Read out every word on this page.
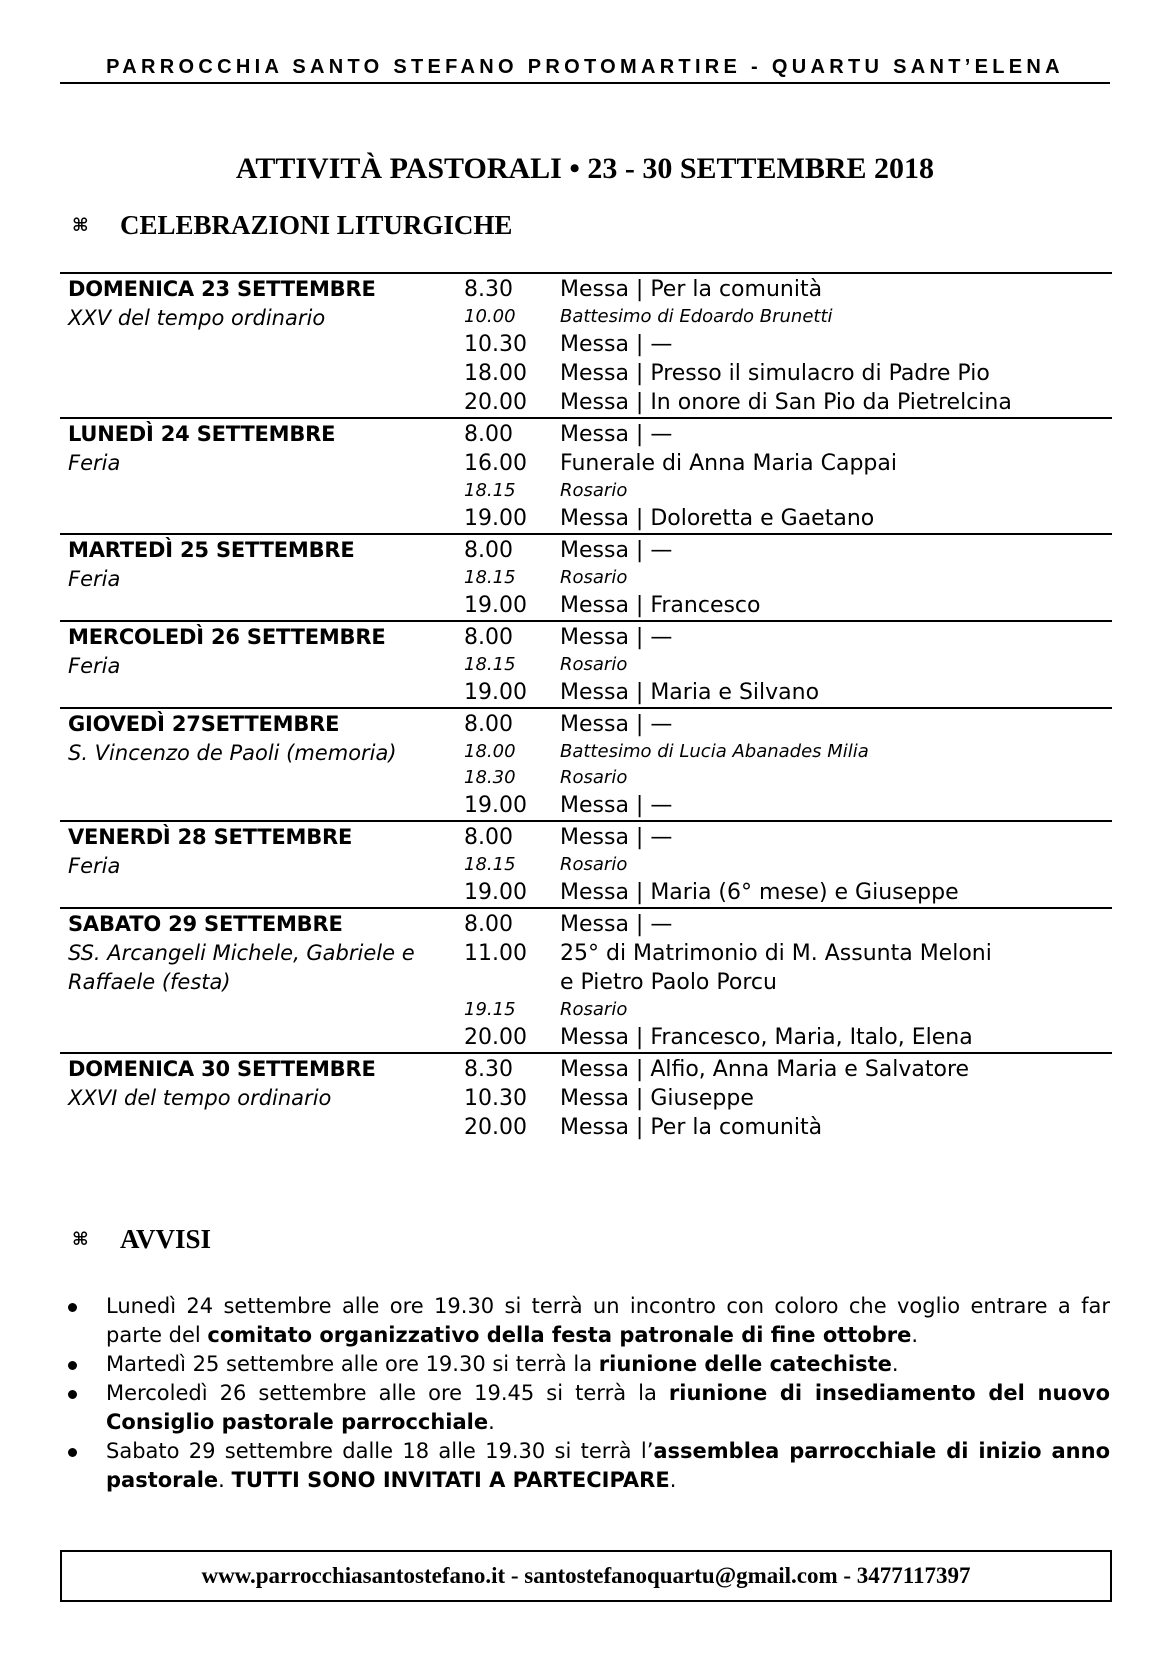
PARROCCHIA SANTO STEFANO PROTOMARTIRE - QUARTU SANT’ELENA
ATTIVITÀ PASTORALI • 23 - 30 SETTEMBRE 2018
⌘ CELEBRAZIONI LITURGICHE
DOMENICA 23 SETTEMBRE
XXV del tempo ordinario
8.30	Messa | Per la comunità
10.00	Battesimo di Edoardo Brunetti
10.30	Messa | —
18.00	Messa | Presso il simulacro di Padre Pio
20.00	Messa | In onore di San Pio da Pietrelcina
LUNEDÌ 24 SETTEMBRE
Feria
8.00	Messa | —
16.00	Funerale di Anna Maria Cappai
18.15	Rosario
19.00	Messa | Doloretta e Gaetano
MARTEDÌ 25 SETTEMBRE
Feria
8.00	Messa | —
18.15	Rosario
19.00	Messa | Francesco
MERCOLEDÌ 26 SETTEMBRE
Feria
8.00	Messa | —
18.15	Rosario
19.00	Messa | Maria e Silvano
GIOVEDÌ 27SETTEMBRE
S. Vincenzo de Paoli (memoria)
8.00	Messa | —
18.00	Battesimo di Lucia Abanades Milia
18.30	Rosario
19.00	Messa | —
VENERDÌ 28 SETTEMBRE
Feria
8.00	Messa | —
18.15	Rosario
19.00	Messa | Maria (6° mese) e Giuseppe
SABATO 29 SETTEMBRE
SS. Arcangeli Michele, Gabriele e
Raffaele (festa)
8.00	Messa | —
11.00	25° di Matrimonio di M. Assunta Meloni
e Pietro Paolo Porcu
19.15	Rosario
20.00	Messa | Francesco, Maria, Italo, Elena
DOMENICA 30 SETTEMBRE
XXVI del tempo ordinario
8.30	Messa | Alfio, Anna Maria e Salvatore
10.30	Messa | Giuseppe
20.00	Messa | Per la comunità
⌘ AVVISI
Lunedì 24 settembre alle ore 19.30 si terrà un incontro con coloro che voglio entrare a far parte del comitato organizzativo della festa patronale di fine ottobre.
Martedì 25 settembre alle ore 19.30 si terrà la riunione delle catechiste.
Mercoledì 26 settembre alle ore 19.45 si terrà la riunione di insediamento del nuovo Consiglio pastorale parrocchiale.
Sabato 29 settembre dalle 18 alle 19.30 si terrà l’assemblea parrocchiale di inizio anno pastorale. TUTTI SONO INVITATI A PARTECIPARE.
www.parrocchiasantostefano.it - santostefanoquartu@gmail.com - 3477117397
